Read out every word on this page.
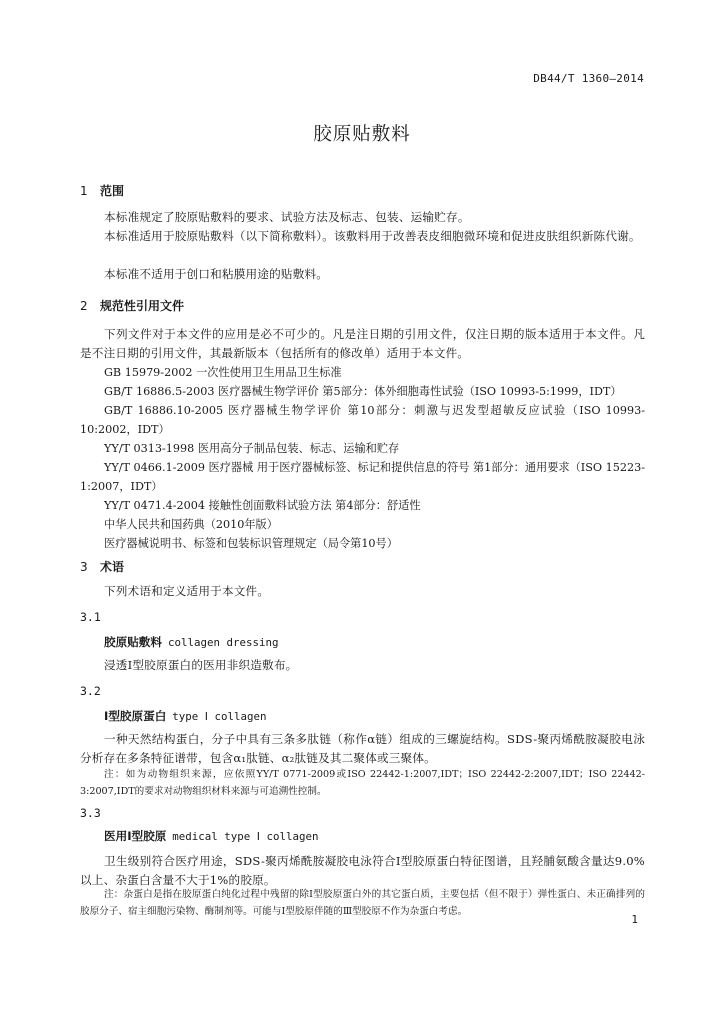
DB44/T 1360—2014
胶原贴敷料
1 范围

本标准规定了胶原贴敷料的要求、试验方法及标志、包装、运输贮存。

本标准适用于胶原贴敷料（以下简称敷料）。该敷料用于改善表皮细胞微环境和促进皮肤组织新陈代谢。

本标准不适用于创口和粘膜用途的贴敷料。

2 规范性引用文件

下列文件对于本文件的应用是必不可少的。凡是注日期的引用文件，仅注日期的版本适用于本文件。凡是不注日期的引用文件，其最新版本（包括所有的修改单）适用于本文件。

GB 15979-2002 一次性使用卫生用品卫生标准

GB/T 16886.5-2003 医疗器械生物学评价 第5部分：体外细胞毒性试验（ISO 10993-5:1999，IDT）

GB/T 16886.10-2005 医疗器械生物学评价 第10部分：刺激与迟发型超敏反应试验（ISO 10993-10:2002，IDT）

YY/T 0313-1998 医用高分子制品包装、标志、运输和贮存

YY/T 0466.1-2009 医疗器械 用于医疗器械标签、标记和提供信息的符号 第1部分：通用要求（ISO 15223-1:2007，IDT）

YY/T 0471.4-2004 接触性创面敷料试验方法 第4部分：舒适性

中华人民共和国药典（2010年版）

医疗器械说明书、标签和包装标识管理规定（局令第10号）

3 术语

下列术语和定义适用于本文件。

3.1
胶原贴敷料 collagen dressing

浸透Ⅰ型胶原蛋白的医用非织造敷布。

3.2
Ⅰ型胶原蛋白 type Ⅰ collagen

一种天然结构蛋白，分子中具有三条多肽链（称作α链）组成的三螺旋结构。SDS-聚丙烯酰胺凝胶电泳分析存在多条特征谱带，包含α₁肽链、α₂肽链及其二聚体或三聚体。

注：如为动物组织来源，应依照YY/T 0771-2009或ISO 22442-1:2007,IDT；ISO 22442-2:2007,IDT；ISO 22442-3:2007,IDT的要求对动物组织材料来源与可追溯性控制。

3.3
医用Ⅰ型胶原 medical type Ⅰ collagen

卫生级别符合医疗用途，SDS-聚丙烯酰胺凝胶电泳符合Ⅰ型胶原蛋白特征图谱，且羟脯氨酸含量达9.0%以上、杂蛋白含量不大于1%的胶原。

注：杂蛋白是指在胶原蛋白纯化过程中残留的除Ⅰ型胶原蛋白外的其它蛋白质，主要包括（但不限于）弹性蛋白、未正确排列的胶原分子、宿主细胞污染物、酶制剂等。可能与Ⅰ型胶原伴随的Ⅲ型胶原不作为杂蛋白考虑。

1
